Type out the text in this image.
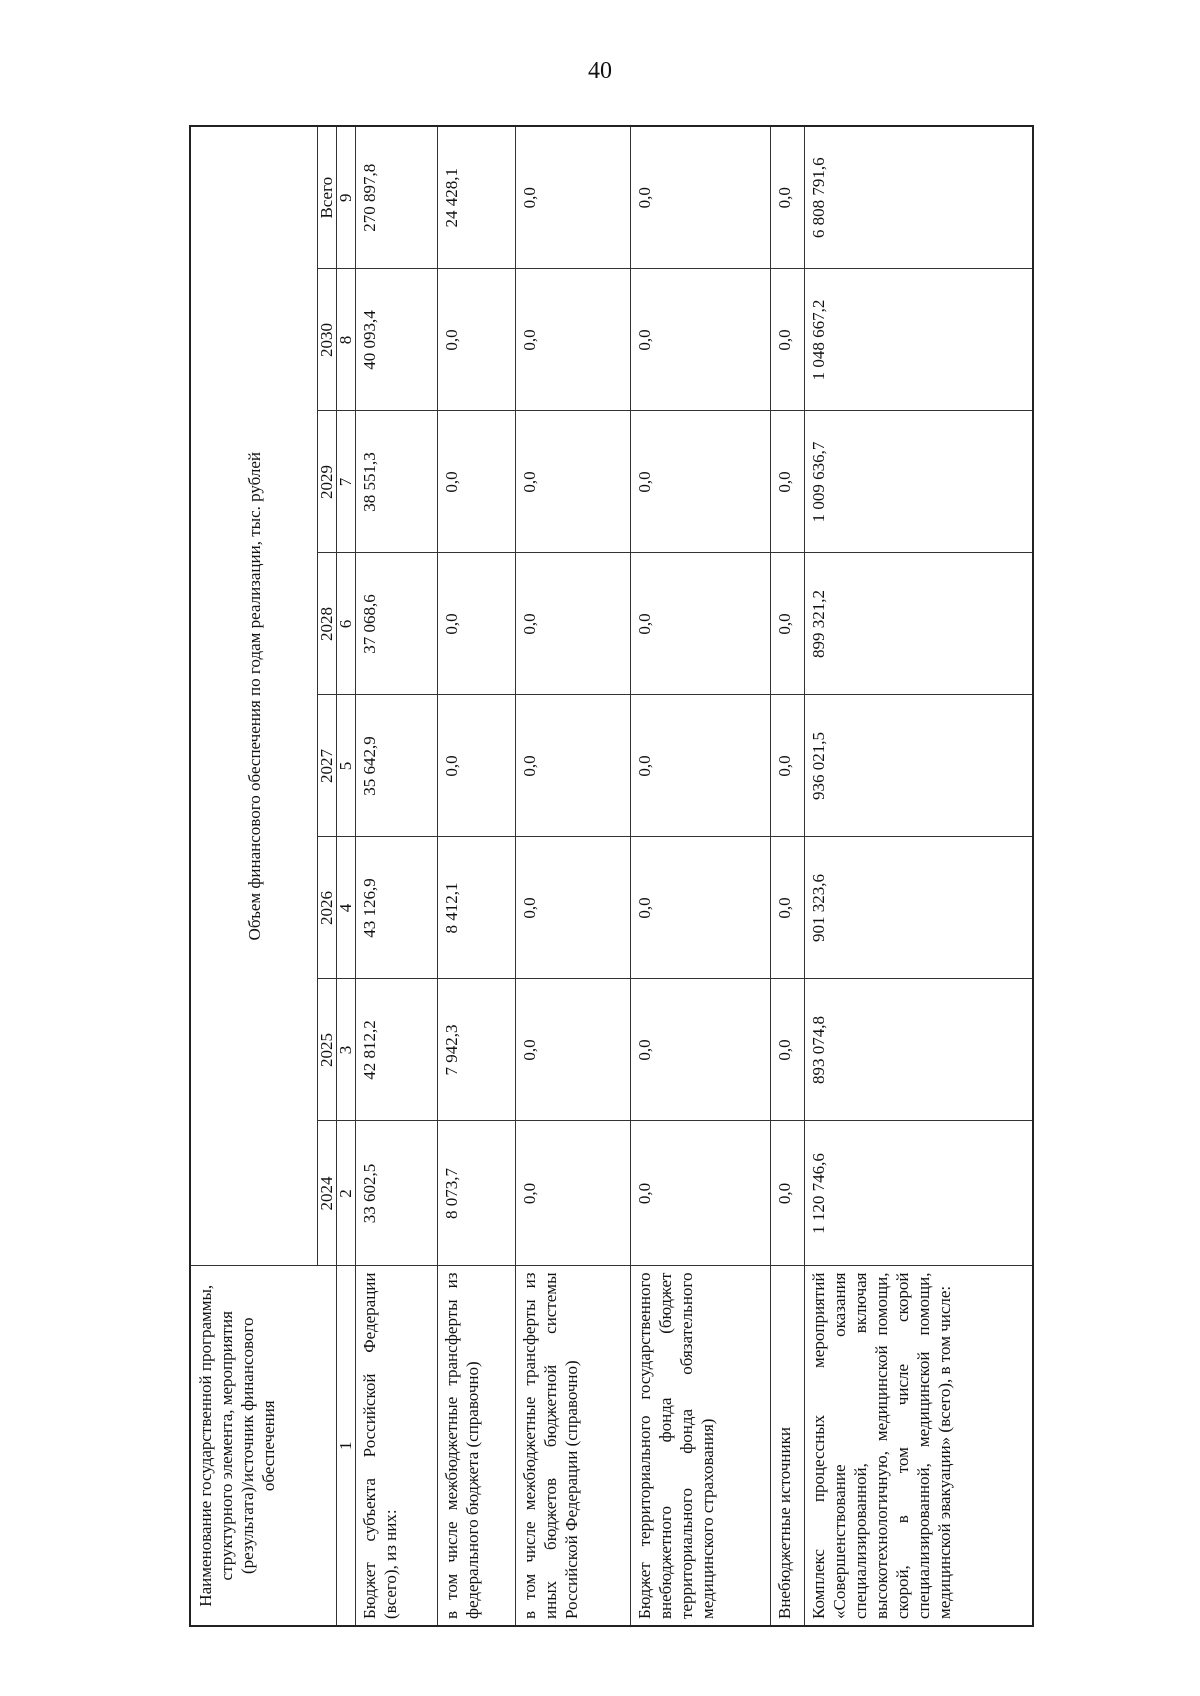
40
Наименование государственной программы, структурного элемента, мероприятия (результата)/источник финансового обеспечения	Объем финансового обеспечения по годам реализации, тыс. рублей							
	2024	2025	2026	2027	2028	2029	2030	Всего
1	2	3	4	5	6	7	8	9
Бюджет субъекта Российской Федерации (всего), из них:	33 602,5	42 812,2	43 126,9	35 642,9	37 068,6	38 551,3	40 093,4	270 897,8
в том числе межбюджетные трансферты из федерального бюджета (справочно)	8 073,7	7 942,3	8 412,1	0,0	0,0	0,0	0,0	24 428,1
в том числе межбюджетные трансферты из иных бюджетов бюджетной системы Российской Федерации (справочно)	0,0	0,0	0,0	0,0	0,0	0,0	0,0	0,0
Бюджет территориального государственного внебюджетного фонда (бюджет территориального фонда обязательного медицинского страхования)	0,0	0,0	0,0	0,0	0,0	0,0	0,0	0,0
Внебюджетные источники	0,0	0,0	0,0	0,0	0,0	0,0	0,0	0,0
Комплекс процессных мероприятий «Совершенствование оказания специализированной, включая высокотехнологичную, медицинской помощи, скорой, в том числе скорой специализированной, медицинской помощи, медицинской эвакуации» (всего), в том числе:	1 120 746,6	893 074,8	901 323,6	936 021,5	899 321,2	1 009 636,7	1 048 667,2	6 808 791,6
